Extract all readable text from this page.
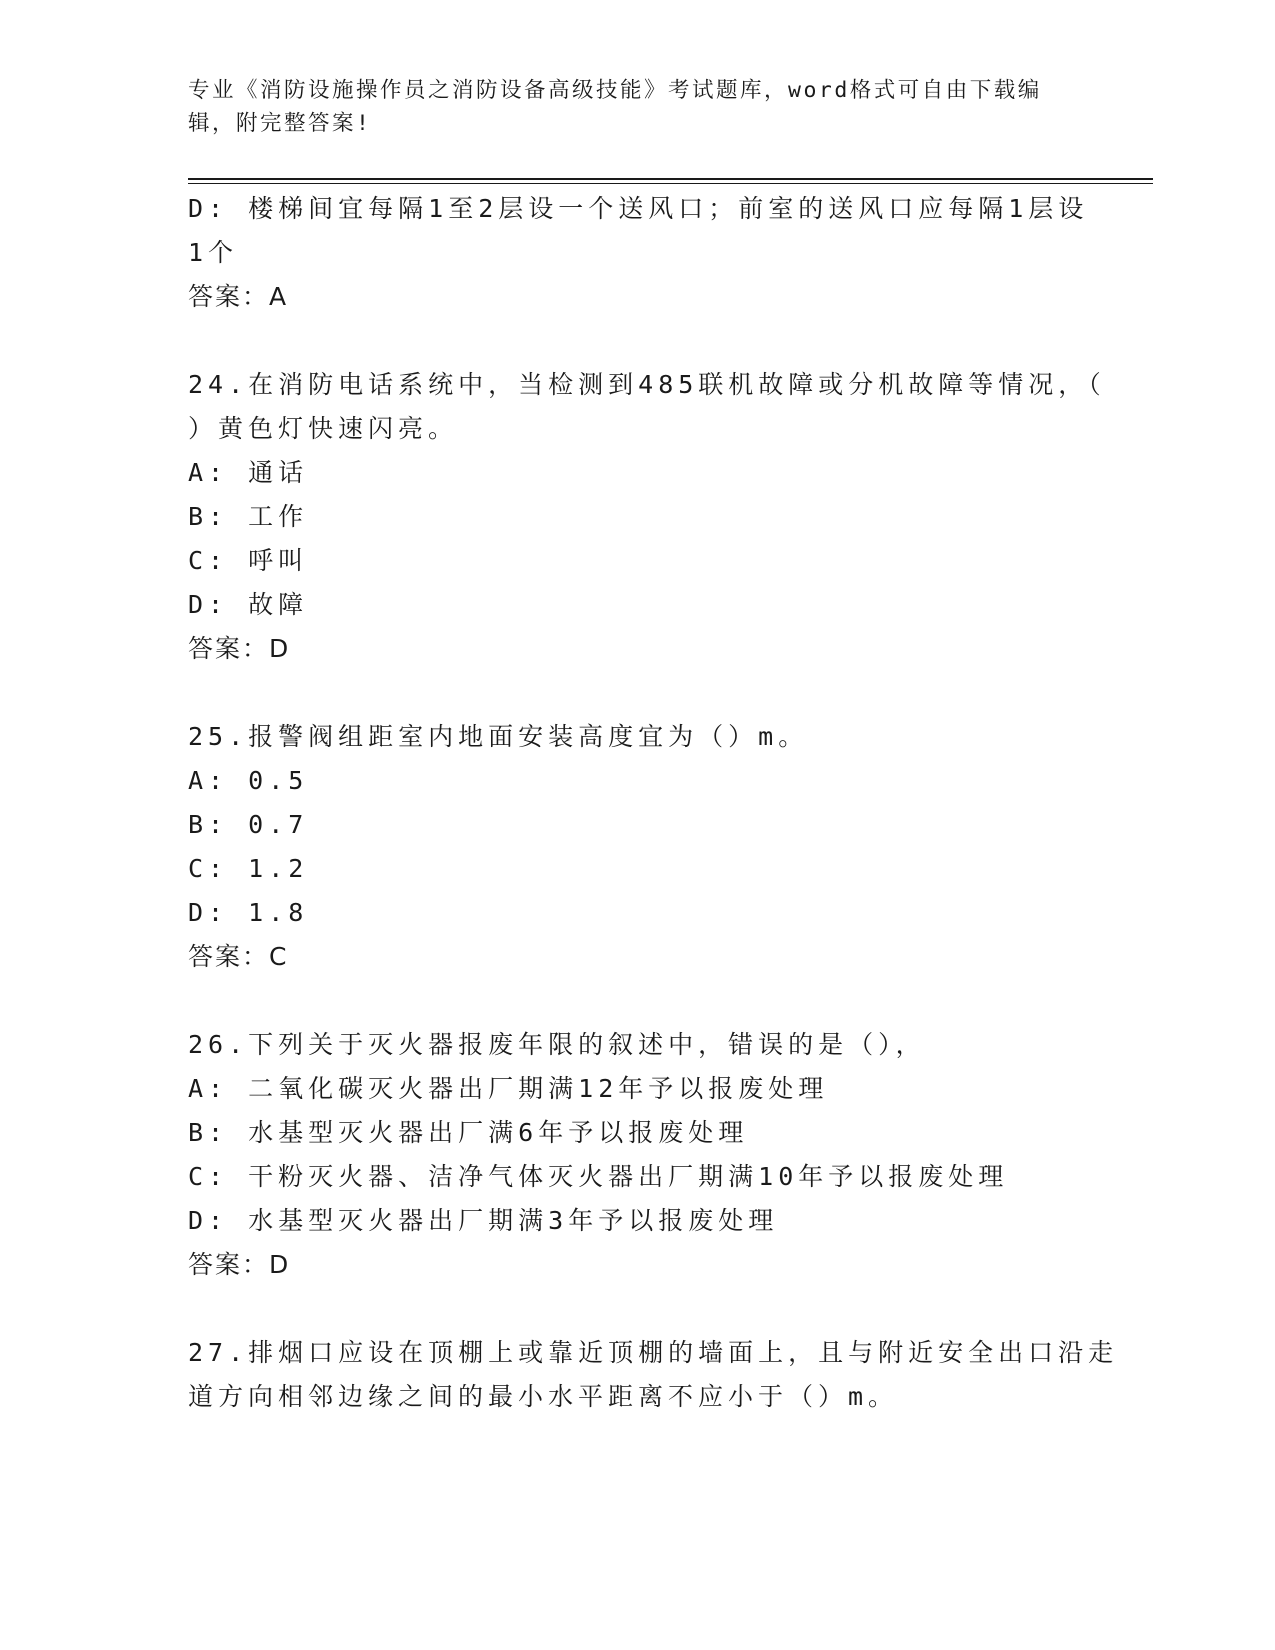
专业《消防设施操作员之消防设备高级技能》考试题库，word格式可自由下载编
辑，附完整答案!
D: 楼梯间宜每隔1至2层设一个送风口；前室的送风口应每隔1层设
1个
答案：A
24.在消防电话系统中，当检测到485联机故障或分机故障等情况，（
）黄色灯快速闪亮。
A: 通话
B: 工作
C: 呼叫
D: 故障
答案：D
25.报警阀组距室内地面安装高度宜为（）m。
A: 0.5
B: 0.7
C: 1.2
D: 1.8
答案：C
26.下列关于灭火器报废年限的叙述中，错误的是（），
A: 二氧化碳灭火器出厂期满12年予以报废处理
B: 水基型灭火器出厂满6年予以报废处理
C: 干粉灭火器、洁净气体灭火器出厂期满10年予以报废处理
D: 水基型灭火器出厂期满3年予以报废处理
答案：D
27.排烟口应设在顶棚上或靠近顶棚的墙面上，且与附近安全出口沿走
道方向相邻边缘之间的最小水平距离不应小于（）m。
